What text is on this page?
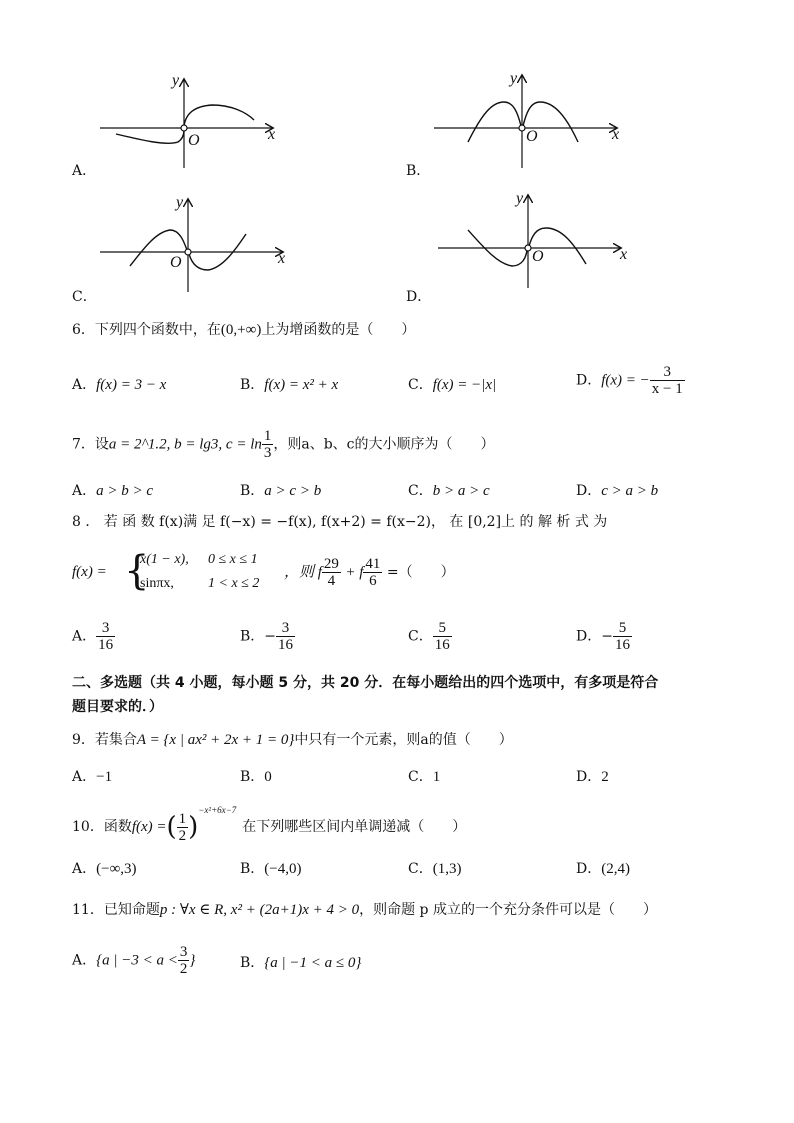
y
O	x
A．
y
O	x
B．
y
O	x
C．
y
O	x
D．
6．下列四个函数中，在(0,+∞)上为增函数的是（　　）
A．f(x) = 3 − x	B．f(x) = x² + x	C．f(x) = −|x|	D．f(x) = − $\frac{3}{x - 1}$
7．设a = 2^1.2, b = lg3, $c = \ln \frac{1}{3}$ ，则a、b、c的大小顺序为（　　）
A．a > b > c	B．a > c > b	C．b > a > c	D．c > a > b
8 ． 若 函 数 f(x)满 足 f(−x) = −f(x), f(x+2) = f(x−2)， 在 [0,2]上 的 解 析 式 为
f(x) = {
x(1 − x), 0 ≤ x ≤ 1
sinπx, 1 < x ≤ 2
，则 f $\frac{29}{4} + f \frac{41}{6}$ =（　　）
A． $\frac{3}{16}$	B．− $\frac{3}{16}$	C． $\frac{5}{16}$	D．− $\frac{5}{16}$
二、多选题（共 4 小题，每小题 5 分，共 20 分．在每小题给出的四个选项中，有多项是符合
题目要求的．）
9．若集合A = {x | ax² + 2x + 1 = 0}中只有一个元素，则a的值（　　）
A．−1	B．0	C．1	D．2
10．函数f(x) =( $\frac{1}{2} )^{-x^2+6x-7}$在下列哪些区间内单调递减（　　）
A．(−∞,3)	B．(−4,0)	C．(1,3)	D．(2,4)
11．已知命题p : ∀x ∈ R, x² + (2a+1)x + 4 > 0，则命题 p 成立的一个充分条件可以是（　　）
A．{a | $-3 < a < \frac{3}{2}$ }	B．{a | −1 < a ≤ 0}
